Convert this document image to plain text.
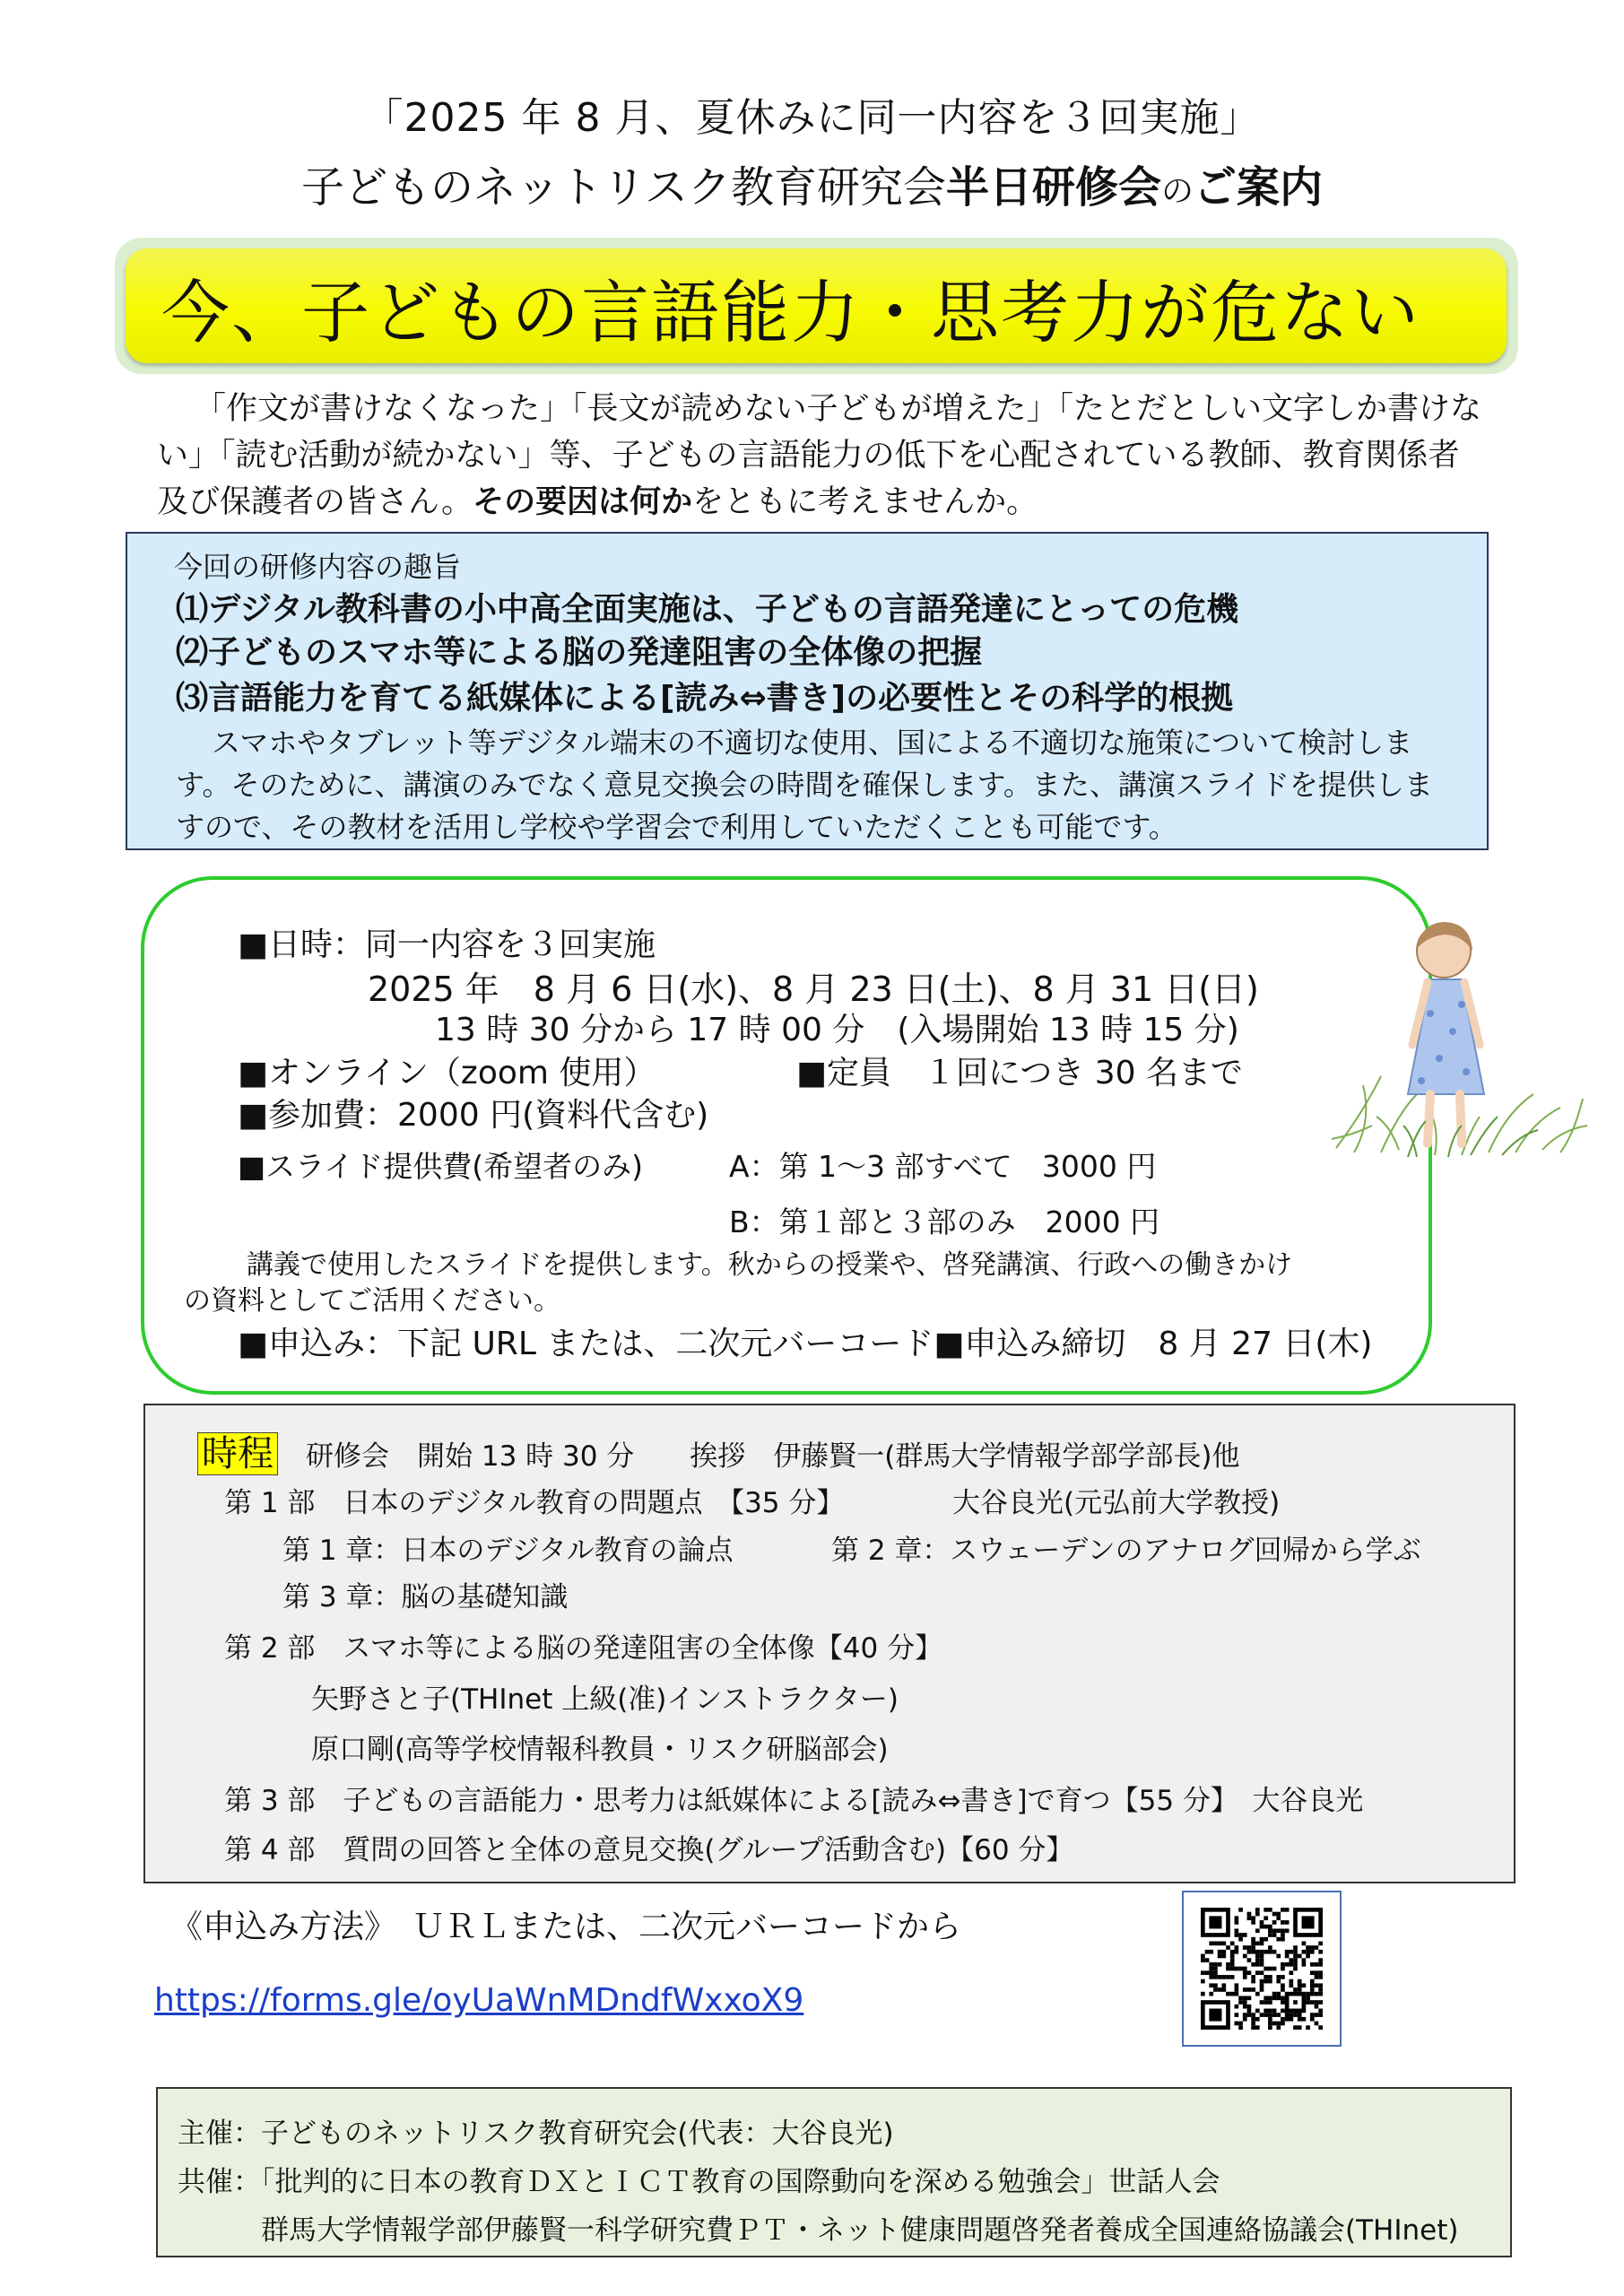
「2025 年 8 月、夏休みに同一内容を３回実施」
子どものネットリスク教育研究会半日研修会のご案内
今、子どもの言語能力・思考力が危ない
「作文が書けなくなった」「長文が読めない子どもが増えた」「たとだとしい文字しか書けない」「読む活動が続かない」等、子どもの言語能力の低下を心配されている教師、教育関係者及び保護者の皆さん。その要因は何かをともに考えませんか。
今回の研修内容の趣旨
⑴デジタル教科書の小中高全面実施は、子どもの言語発達にとっての危機
⑵子どものスマホ等による脳の発達阻害の全体像の把握
⑶言語能力を育てる紙媒体による[読み⇔書き]の必要性とその科学的根拠
スマホやタブレット等デジタル端末の不適切な使用、国による不適切な施策について検討します。そのために、講演のみでなく意見交換会の時間を確保します。また、講演スライドを提供しますので、その教材を活用し学校や学習会で利用していただくことも可能です。
■日時：同一内容を３回実施
2025 年　8 月 6 日(水)、8 月 23 日(土)、8 月 31 日(日)
13 時 30 分から 17 時 00 分　(入場開始 13 時 15 分)
■オンライン（zoom 使用）	■定員　１回につき 30 名まで
■参加費：2000 円(資料代含む)
■スライド提供費(希望者のみ)	A：第 1～3 部すべて　3000 円
B：第１部と３部のみ　2000 円
講義で使用したスライドを提供します。秋からの授業や、啓発講演、行政への働きかけ
の資料としてご活用ください。
■申込み：下記 URL または、二次元バーコード■申込み締切　8 月 27 日(木)
時程　 研修会　開始 13 時 30 分　　挨拶　伊藤賢一(群馬大学情報学部学部長)他
第 1 部　日本のデジタル教育の問題点　【35 分】	大谷良光(元弘前大学教授)
第 1 章：日本のデジタル教育の論点	第 2 章：スウェーデンのアナログ回帰から学ぶ
第 3 章：脳の基礎知識
第 2 部　スマホ等による脳の発達阻害の全体像【40 分】
矢野さと子(THInet 上級(准)インストラクター)
原口剛(高等学校情報科教員・リスク研脳部会)
第 3 部　子どもの言語能力・思考力は紙媒体による[読み⇔書き]で育つ【55 分】　大谷良光
第 4 部　質問の回答と全体の意見交換(グループ活動含む)【60 分】
《申込み方法》　ＵＲＬまたは、二次元バーコードから
https://forms.gle/oyUaWnMDndfWxxoX9
主催：子どものネットリスク教育研究会(代表：大谷良光)
共催：「批判的に日本の教育ＤＸとＩＣＴ教育の国際動向を深める勉強会」世話人会
群馬大学情報学部伊藤賢一科学研究費ＰＴ・ネット健康問題啓発者養成全国連絡協議会(THInet)
